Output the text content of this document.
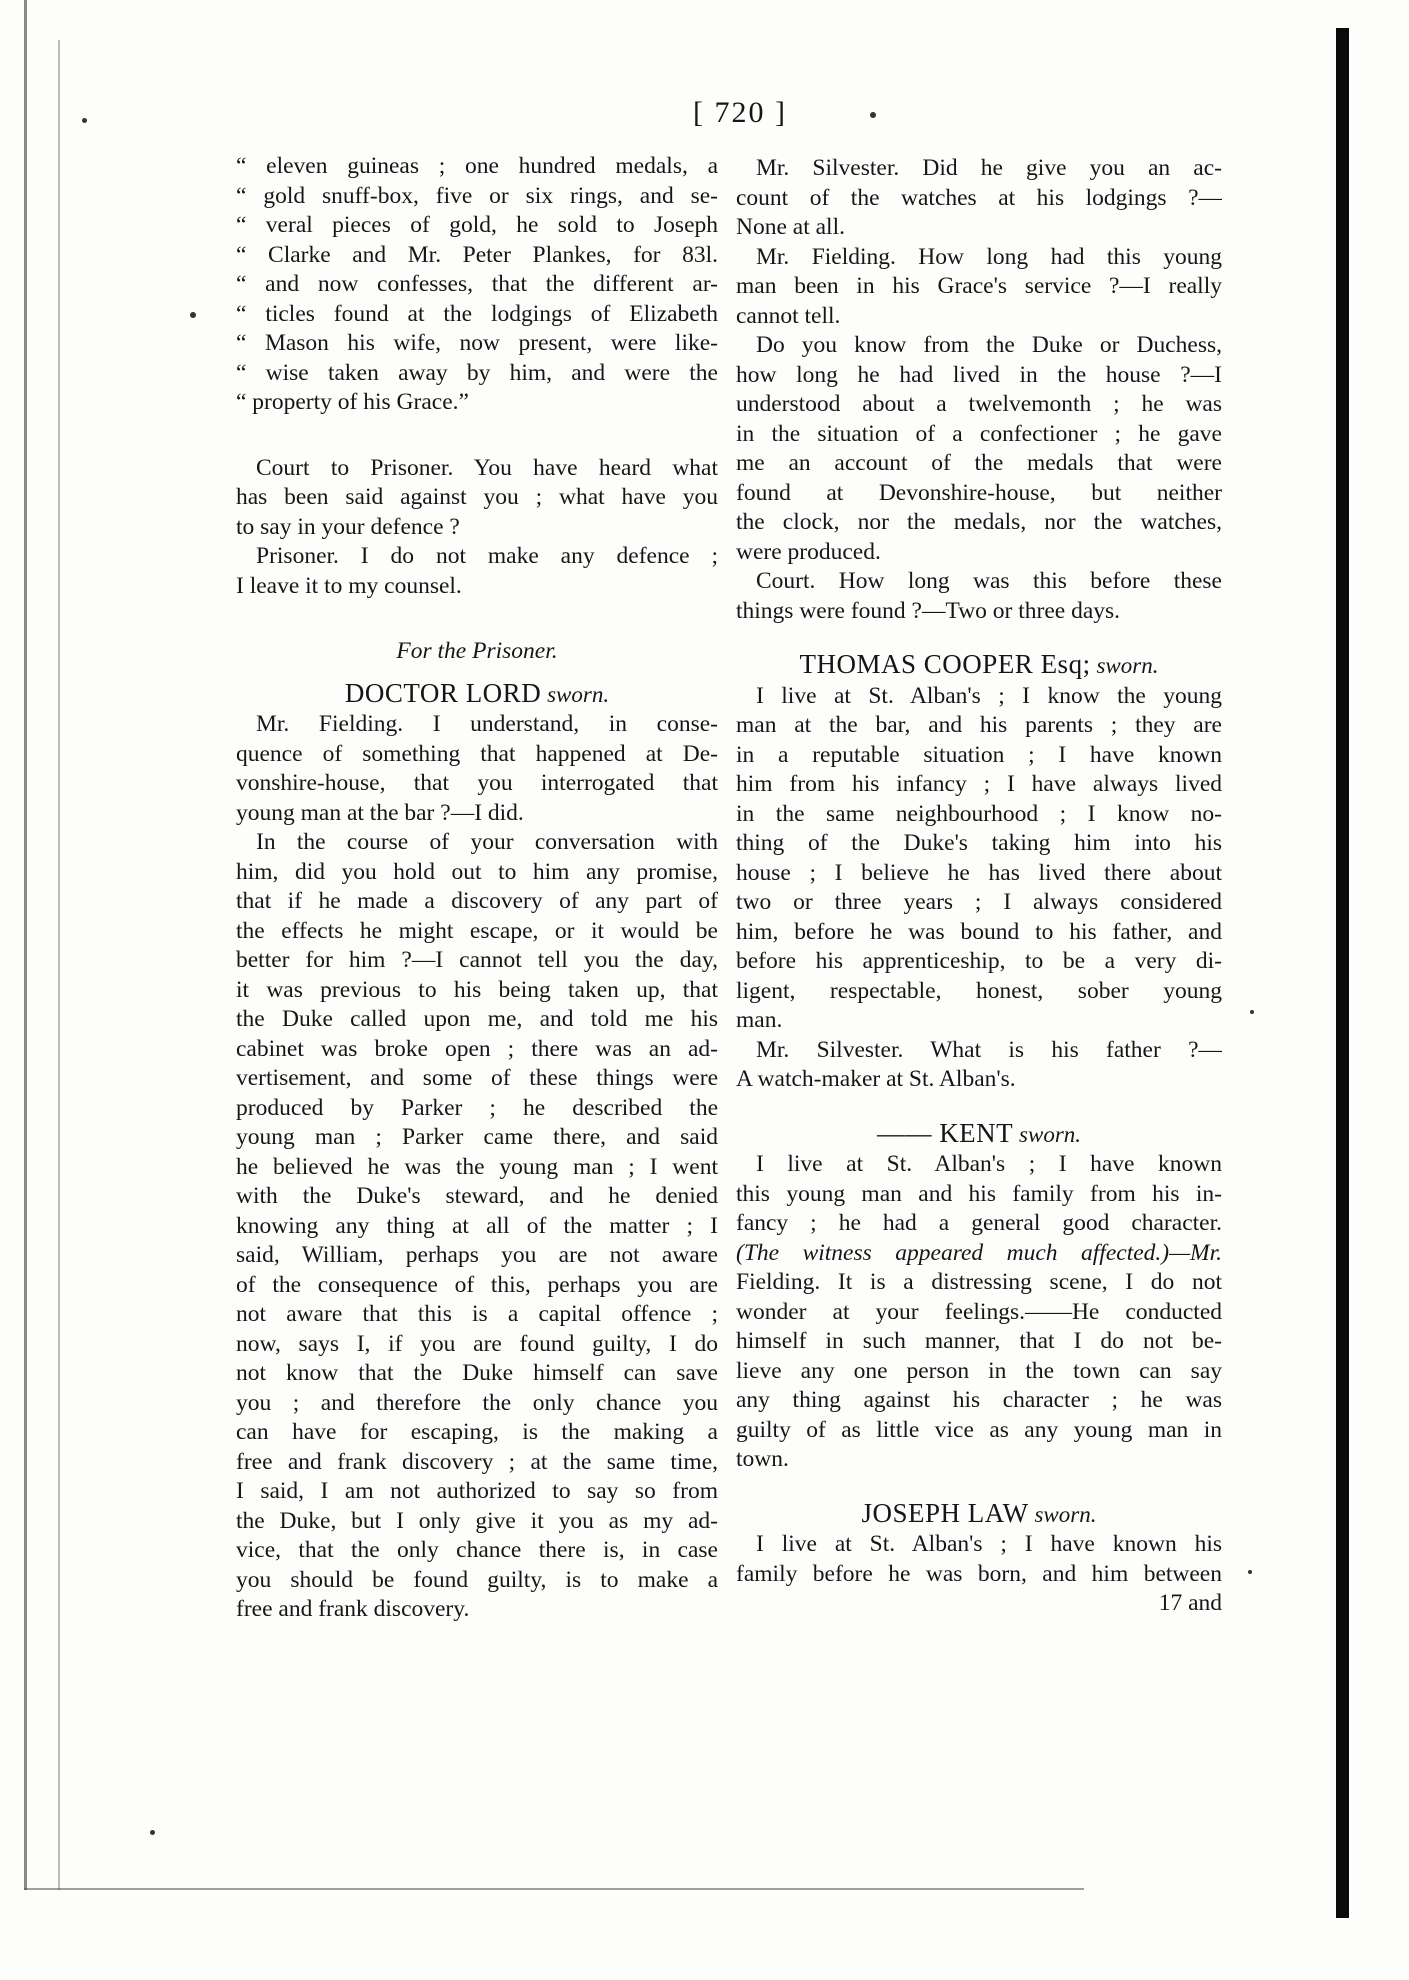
[ 720 ]
“ eleven guineas ; one hundred medals, a
“ gold snuff-box, five or six rings, and se-
“ veral pieces of gold, he sold to Joseph
“ Clarke and Mr. Peter Plankes, for 83l.
“ and now confesses, that the different ar-
“ ticles found at the lodgings of Elizabeth
“ Mason his wife, now present, were like-
“ wise taken away by him, and were the
“ property of his Grace.”
Court to Prisoner. You have heard what
has been said against you ; what have you
to say in your defence ?
Prisoner. I do not make any defence ;
I leave it to my counsel.
For the Prisoner.
DOCTOR LORD sworn.
Mr. Fielding. I understand, in conse-
quence of something that happened at De-
vonshire-house, that you interrogated that
young man at the bar ?—I did.
In the course of your conversation with
him, did you hold out to him any promise,
that if he made a discovery of any part of
the effects he might escape, or it would be
better for him ?—I cannot tell you the day,
it was previous to his being taken up, that
the Duke called upon me, and told me his
cabinet was broke open ; there was an ad-
vertisement, and some of these things were
produced by Parker ; he described the
young man ; Parker came there, and said
he believed he was the young man ; I went
with the Duke's steward, and he denied
knowing any thing at all of the matter ; I
said, William, perhaps you are not aware
of the consequence of this, perhaps you are
not aware that this is a capital offence ;
now, says I, if you are found guilty, I do
not know that the Duke himself can save
you ; and therefore the only chance you
can have for escaping, is the making a
free and frank discovery ; at the same time,
I said, I am not authorized to say so from
the Duke, but I only give it you as my ad-
vice, that the only chance there is, in case
you should be found guilty, is to make a
free and frank discovery.
Mr. Silvester. Did he give you an ac-
count of the watches at his lodgings ?—
None at all.
Mr. Fielding. How long had this young
man been in his Grace's service ?—I really
cannot tell.
Do you know from the Duke or Duchess,
how long he had lived in the house ?—I
understood about a twelvemonth ; he was
in the situation of a confectioner ; he gave
me an account of the medals that were
found at Devonshire-house, but neither
the clock, nor the medals, nor the watches,
were produced.
Court. How long was this before these
things were found ?—Two or three days.
THOMAS COOPER Esq; sworn.
I live at St. Alban's ; I know the young
man at the bar, and his parents ; they are
in a reputable situation ; I have known
him from his infancy ; I have always lived
in the same neighbourhood ; I know no-
thing of the Duke's taking him into his
house ; I believe he has lived there about
two or three years ; I always considered
him, before he was bound to his father, and
before his apprenticeship, to be a very di-
ligent, respectable, honest, sober young
man.
Mr. Silvester. What is his father ?—
A watch-maker at St. Alban's.
—— KENT sworn.
I live at St. Alban's ; I have known
this young man and his family from his in-
fancy ; he had a general good character.
(The witness appeared much affected.)—Mr.
Fielding. It is a distressing scene, I do not
wonder at your feelings.——He conducted
himself in such manner, that I do not be-
lieve any one person in the town can say
any thing against his character ; he was
guilty of as little vice as any young man in
town.
JOSEPH LAW sworn.
I live at St. Alban's ; I have known his
family before he was born, and him between
17 and
